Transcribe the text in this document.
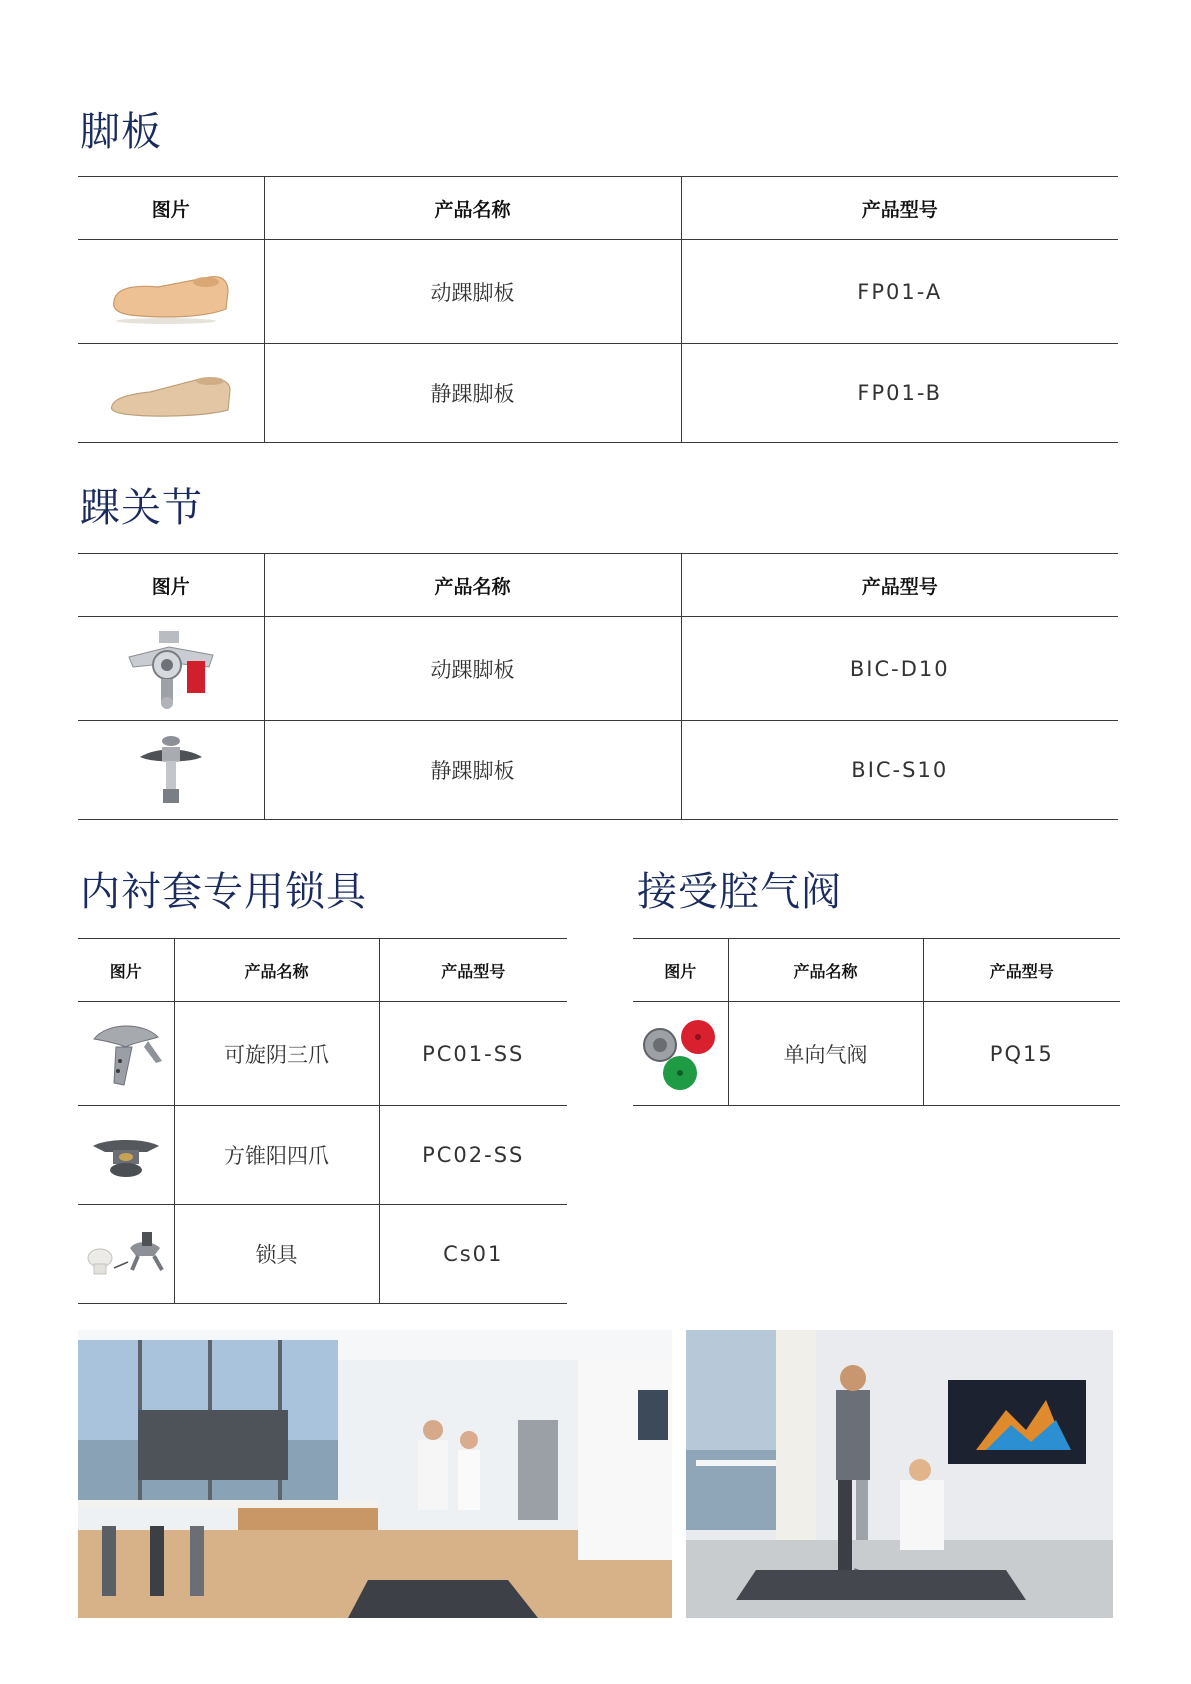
脚板
图片	产品名称	产品型号

	动踝脚板	FP01-A

	静踝脚板	FP01-B
踝关节
图片	产品名称	产品型号

	动踝脚板	BIC-D10

	静踝脚板	BIC-S10
内衬套专用锁具
图片	产品名称	产品型号

	可旋阴三爪	PC01-SS

	方锥阳四爪	PC02-SS

	锁具	Cs01
接受腔气阀
图片	产品名称	产品型号

	单向气阀	PQ15
